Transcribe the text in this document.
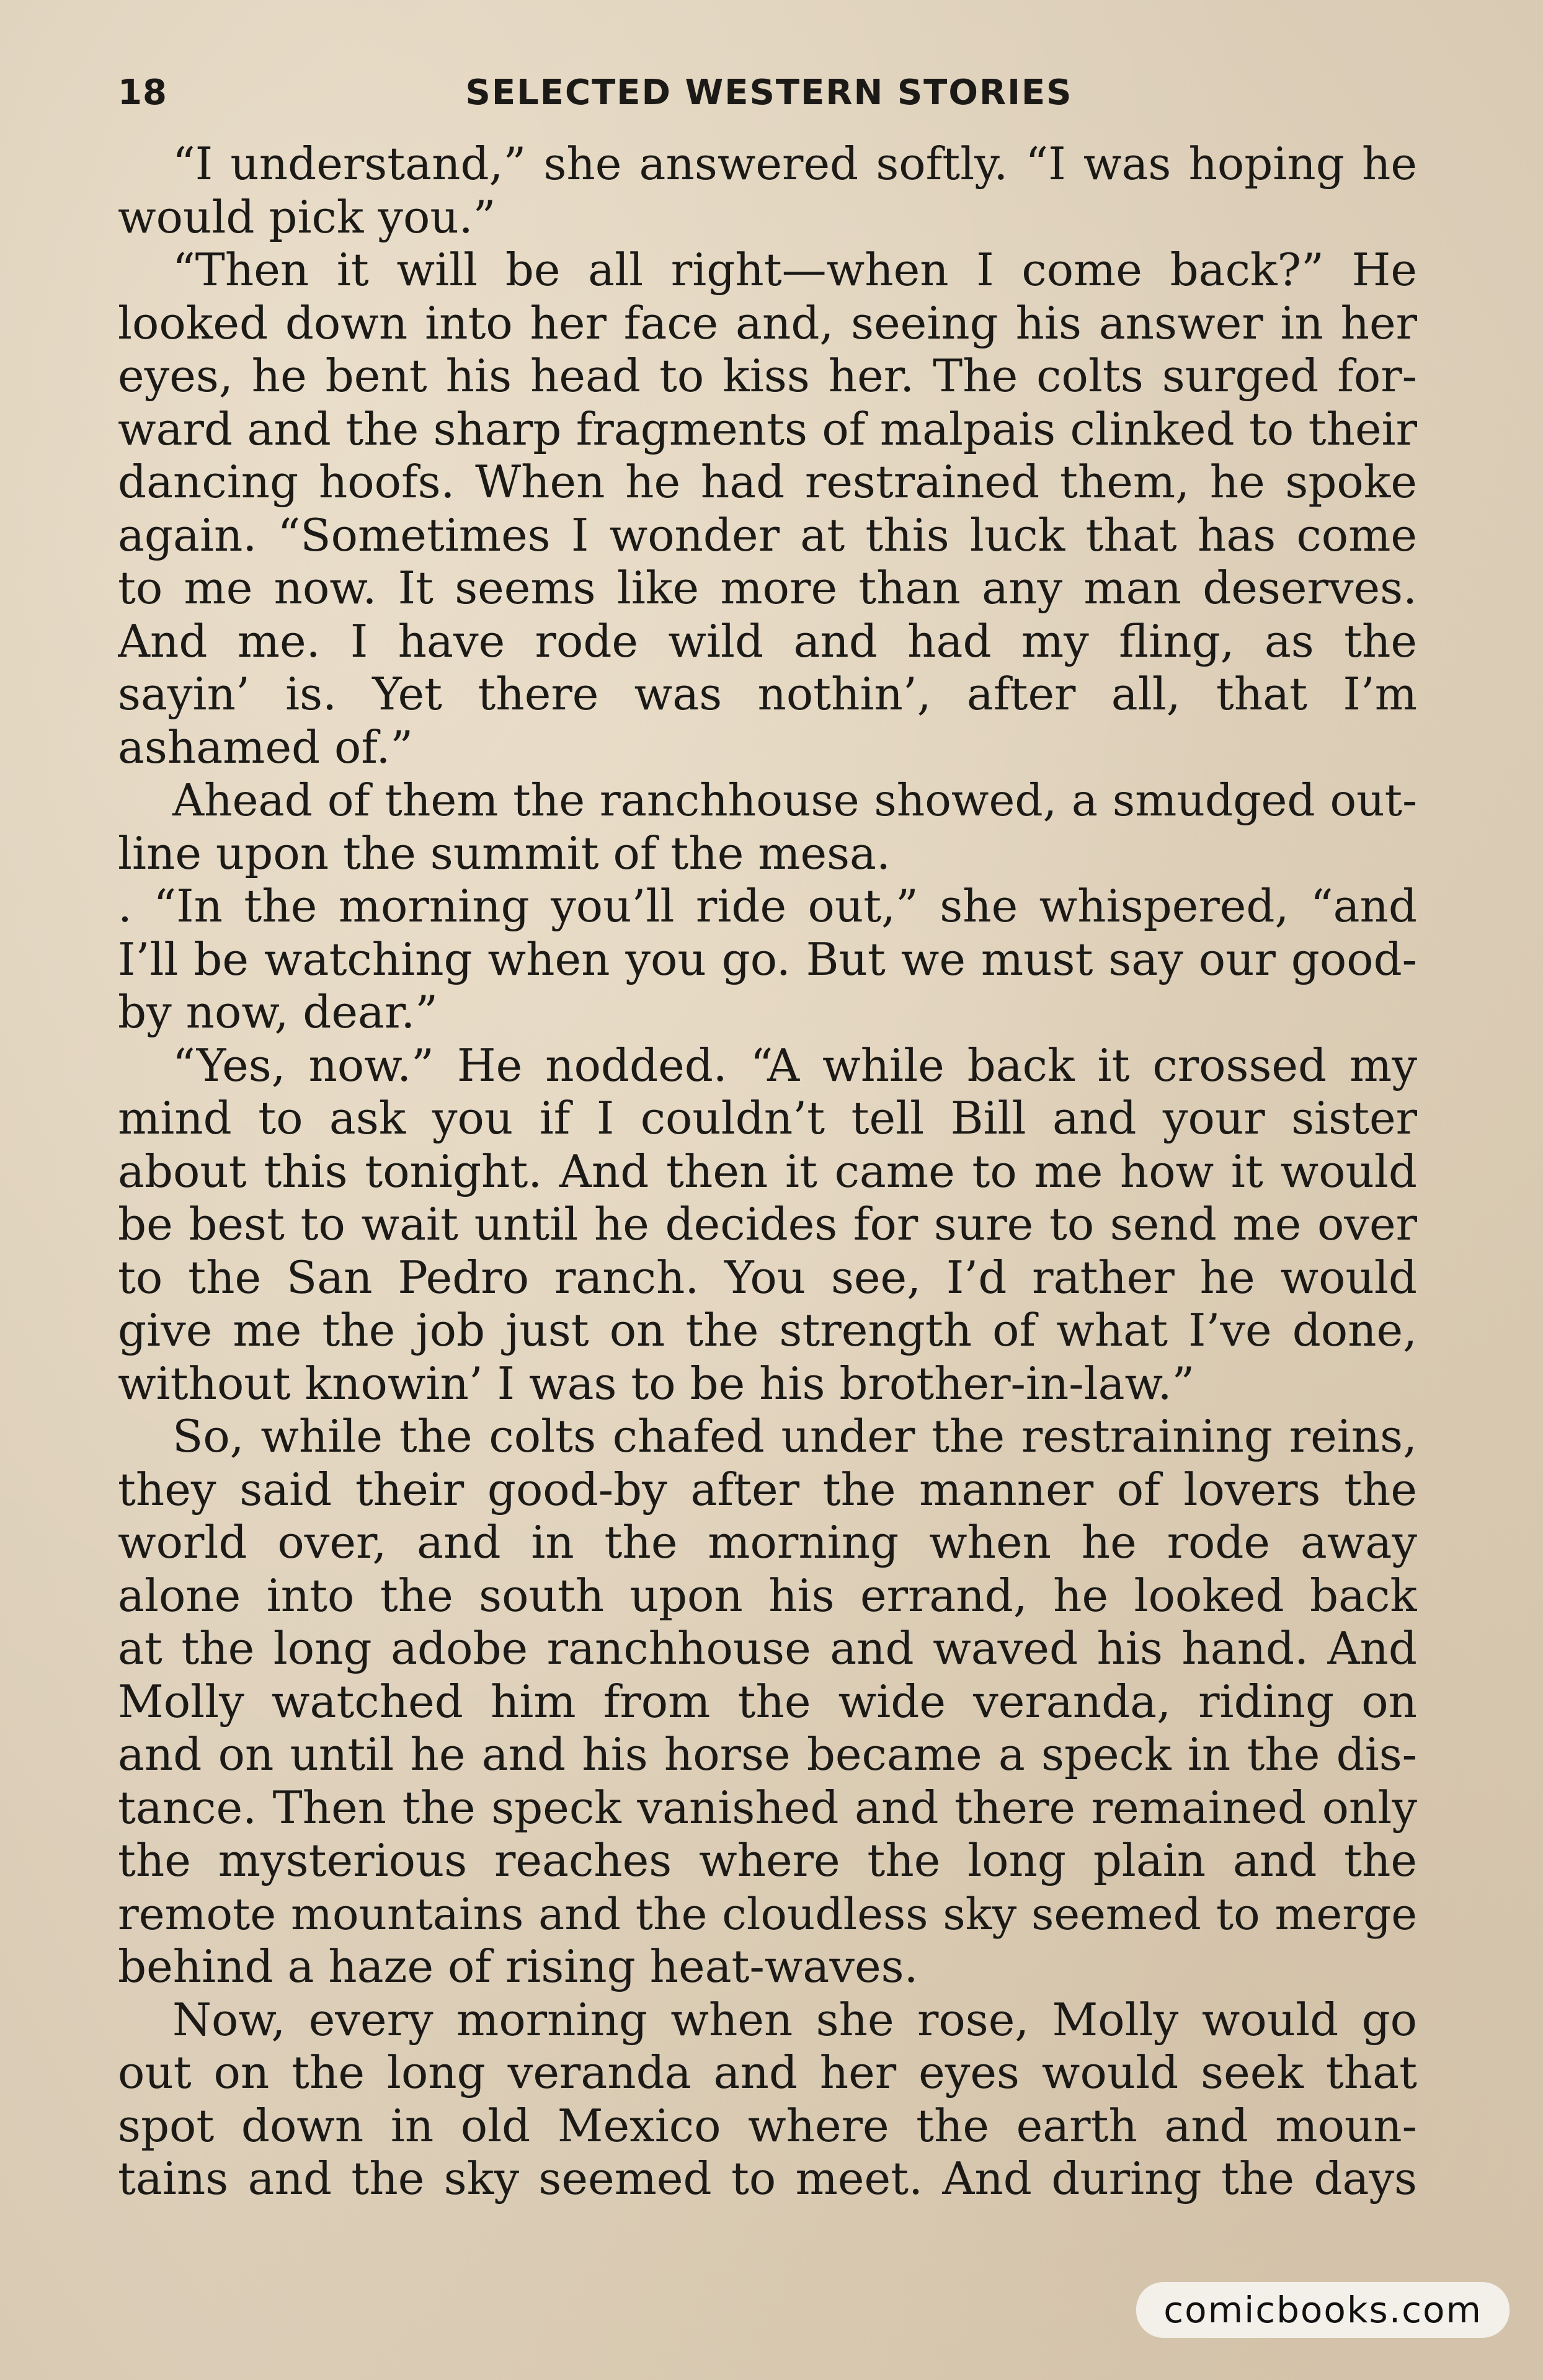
18	SELECTED WESTERN STORIES
“I understand,” she answered softly. “I was hoping he
would pick you.”
“Then it will be all right—when I come back?” He
looked down into her face and, seeing his answer in her
eyes, he bent his head to kiss her. The colts surged for-
ward and the sharp fragments of malpais clinked to their
dancing hoofs. When he had restrained them, he spoke
again. “Sometimes I wonder at this luck that has come
to me now. It seems like more than any man deserves.
And me. I have rode wild and had my fling, as the
sayin’ is. Yet there was nothin’, after all, that I’m
ashamed of.”
Ahead of them the ranchhouse showed, a smudged out-
line upon the summit of the mesa.
. “In the morning you’ll ride out,” she whispered, “and
I’ll be watching when you go. But we must say our good-
by now, dear.”
“Yes, now.” He nodded. “A while back it crossed my
mind to ask you if I couldn’t tell Bill and your sister
about this tonight. And then it came to me how it would
be best to wait until he decides for sure to send me over
to the San Pedro ranch. You see, I’d rather he would
give me the job just on the strength of what I’ve done,
without knowin’ I was to be his brother-in-law.”
So, while the colts chafed under the restraining reins,
they said their good-by after the manner of lovers the
world over, and in the morning when he rode away
alone into the south upon his errand, he looked back
at the long adobe ranchhouse and waved his hand. And
Molly watched him from the wide veranda, riding on
and on until he and his horse became a speck in the dis-
tance. Then the speck vanished and there remained only
the mysterious reaches where the long plain and the
remote mountains and the cloudless sky seemed to merge
behind a haze of rising heat-waves.
Now, every morning when she rose, Molly would go
out on the long veranda and her eyes would seek that
spot down in old Mexico where the earth and moun-
tains and the sky seemed to meet. And during the days
comicbooks.com
